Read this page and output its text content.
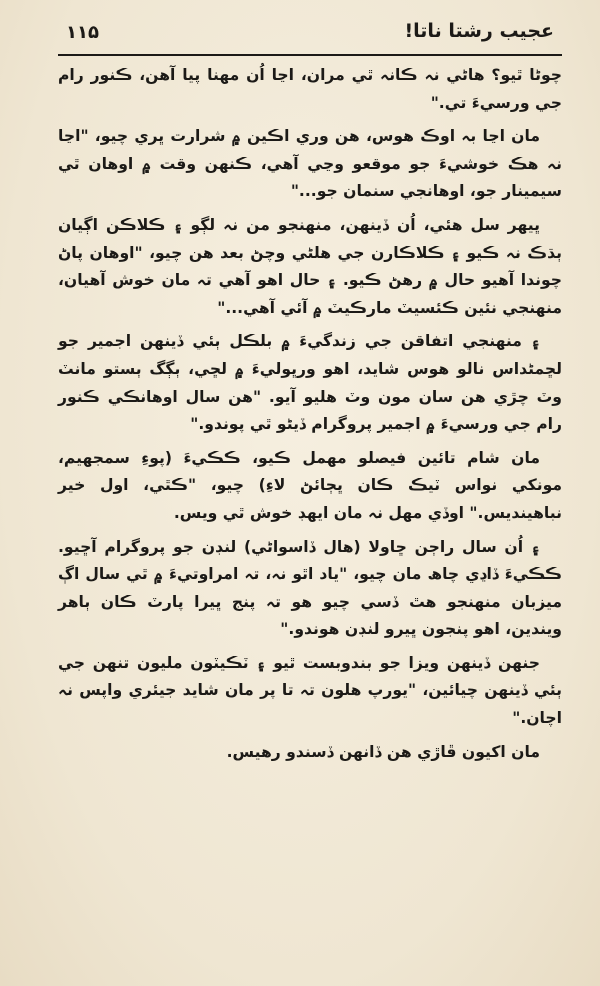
عجيب رشتا ناتا!
۱۱۵

چوڻا ٿيو؟ ھاڻي نہ ڪانہ ٿي مران، اڃا اُن مھنا پيا آھن، ڪنور رام جي ورسيءَ تي."

مان اڃا بہ اوڪ ھوس، ھن وري اڪين ۾ شرارت ڀري چيو، "اڃا نہ ھڪ خوشيءَ جو موقعو وڃي آھي، ڪنھن وقت ۾ اوھان ٿي سيمينار جو، اوھانجي سنمان جو..."

ڀيھر سل ھئي، اُن ڏينھن، منھنجو من نہ لڳو ۽ ڪلاڪن اڳيان ٻڌڪ نہ ڪيو ۽ ڪلاڪارن جي ھلڻي وچڻ بعد ھن چيو، "اوھان پاڻ چوندا آھيو حال ۾ رھڻ ڪيو. ۽ حال اھو آھي تہ مان خوش آھيان، منھنجي نئين ڪئسيٽ مارڪيٽ ۾ آئي آھي..."

۽ منھنجي اتفاقن جي زندگيءَ ۾ بلڪل ٻئي ڏينھن اجمير جو لڇمڻداس نالو ھوس شايد، اھو ورڀوليءَ ۾ لڇي، ٻڳگ ٻستو مانٽ وٽ چڙي ھن سان مون وٽ ھليو آيو. "ھن سال اوھانڪي ڪنور رام جي ورسيءَ ۾ اجمير پروگرام ڏيڻو ٿي پوندو."

مان شام تائين فيصلو مھمل ڪيو، ڪڪيءَ (پوءِ سمجھيم، مونکي نواس ٽيڪ ڪان ڀڄائڻ لاءِ) چيو، "ڪٿي، اول خير نباھينديس." اوڏي مھل نہ مان ايھڊ خوش ٿي ويس.

۽ اُن سال راڄن ڇاولا (ھال ڏاسواڻي) لنڊن جو پروگرام آڇيو. ڪڪيءَ ڏاڍي چاھ مان چيو، "ياد اٿو نہ، تہ امراوتيءَ ۾ ٿي سال اڳ ميزبان منھنجو ھٿ ڏسي چيو ھو تہ پنج ڀيرا پارٽ ڪان ٻاھر ويندين، اھو پنجون ڀيرو لنڊن ھوندو."

جنھن ڏينھن ويزا جو بندوبست ٿيو ۽ ٽڪيٽون مليون تنھن جي ٻئي ڏينھن چيائين، "يورپ ھلون تہ تا پر مان شايد جيئري واپس نہ اچان."

مان اکيون ڦاڙي ھن ڏانھن ڏسندو رھيس.
